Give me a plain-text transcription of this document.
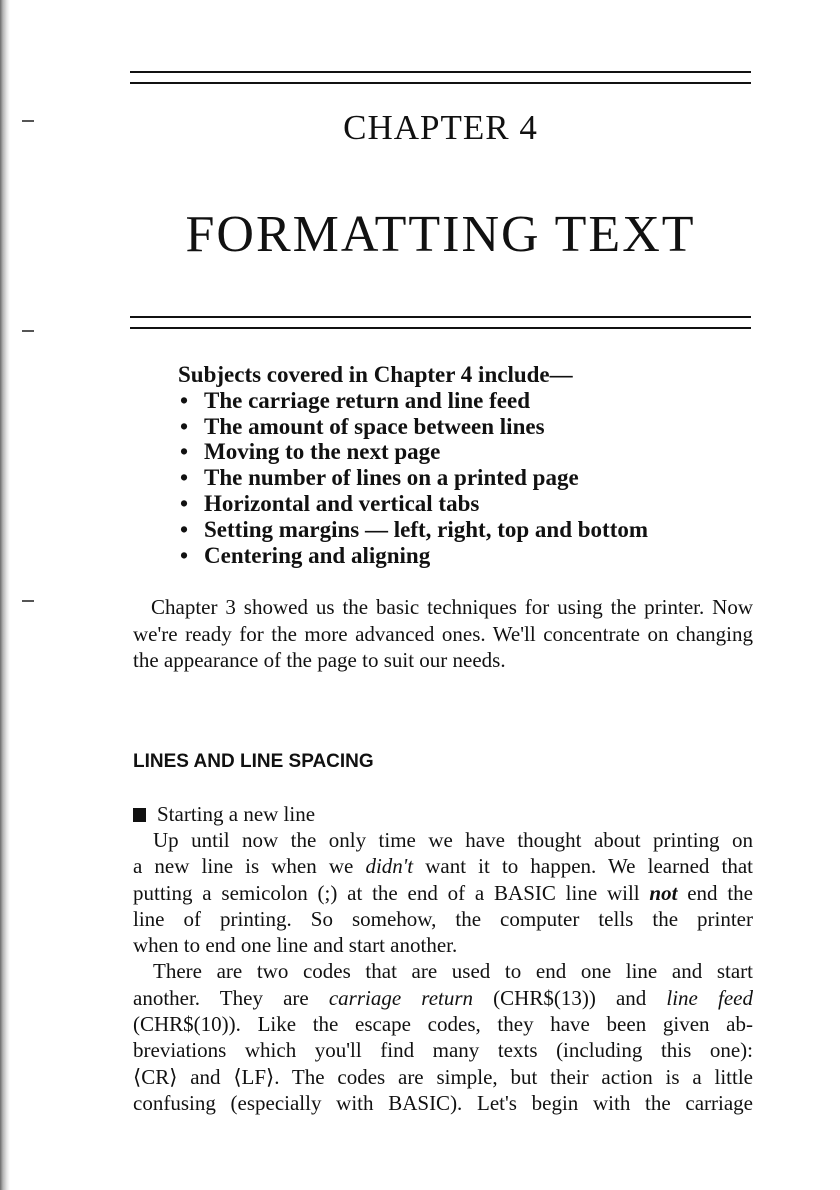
CHAPTER 4
FORMATTING TEXT
Subjects covered in Chapter 4 include—
• The carriage return and line feed
• The amount of space between lines
• Moving to the next page
• The number of lines on a printed page
• Horizontal and vertical tabs
• Setting margins — left, right, top and bottom
• Centering and aligning

Chapter 3 showed us the basic techniques for using the printer. Now we're ready for the more advanced ones. We'll concentrate on changing the appearance of the page to suit our needs.

LINES AND LINE SPACING
Starting a new line
Up until now the only time we have thought about printing on
a new line is when we didn't want it to happen. We learned that
putting a semicolon (;) at the end of a BASIC line will not end the
line of printing. So somehow, the computer tells the printer
when to end one line and start another.
There are two codes that are used to end one line and start
another. They are carriage return (CHR$(13)) and line feed
(CHR$(10)). Like the escape codes, they have been given ab-
breviations which you'll find many texts (including this one):
⟨CR⟩ and ⟨LF⟩. The codes are simple, but their action is a little
confusing (especially with BASIC). Let's begin with the carriage
